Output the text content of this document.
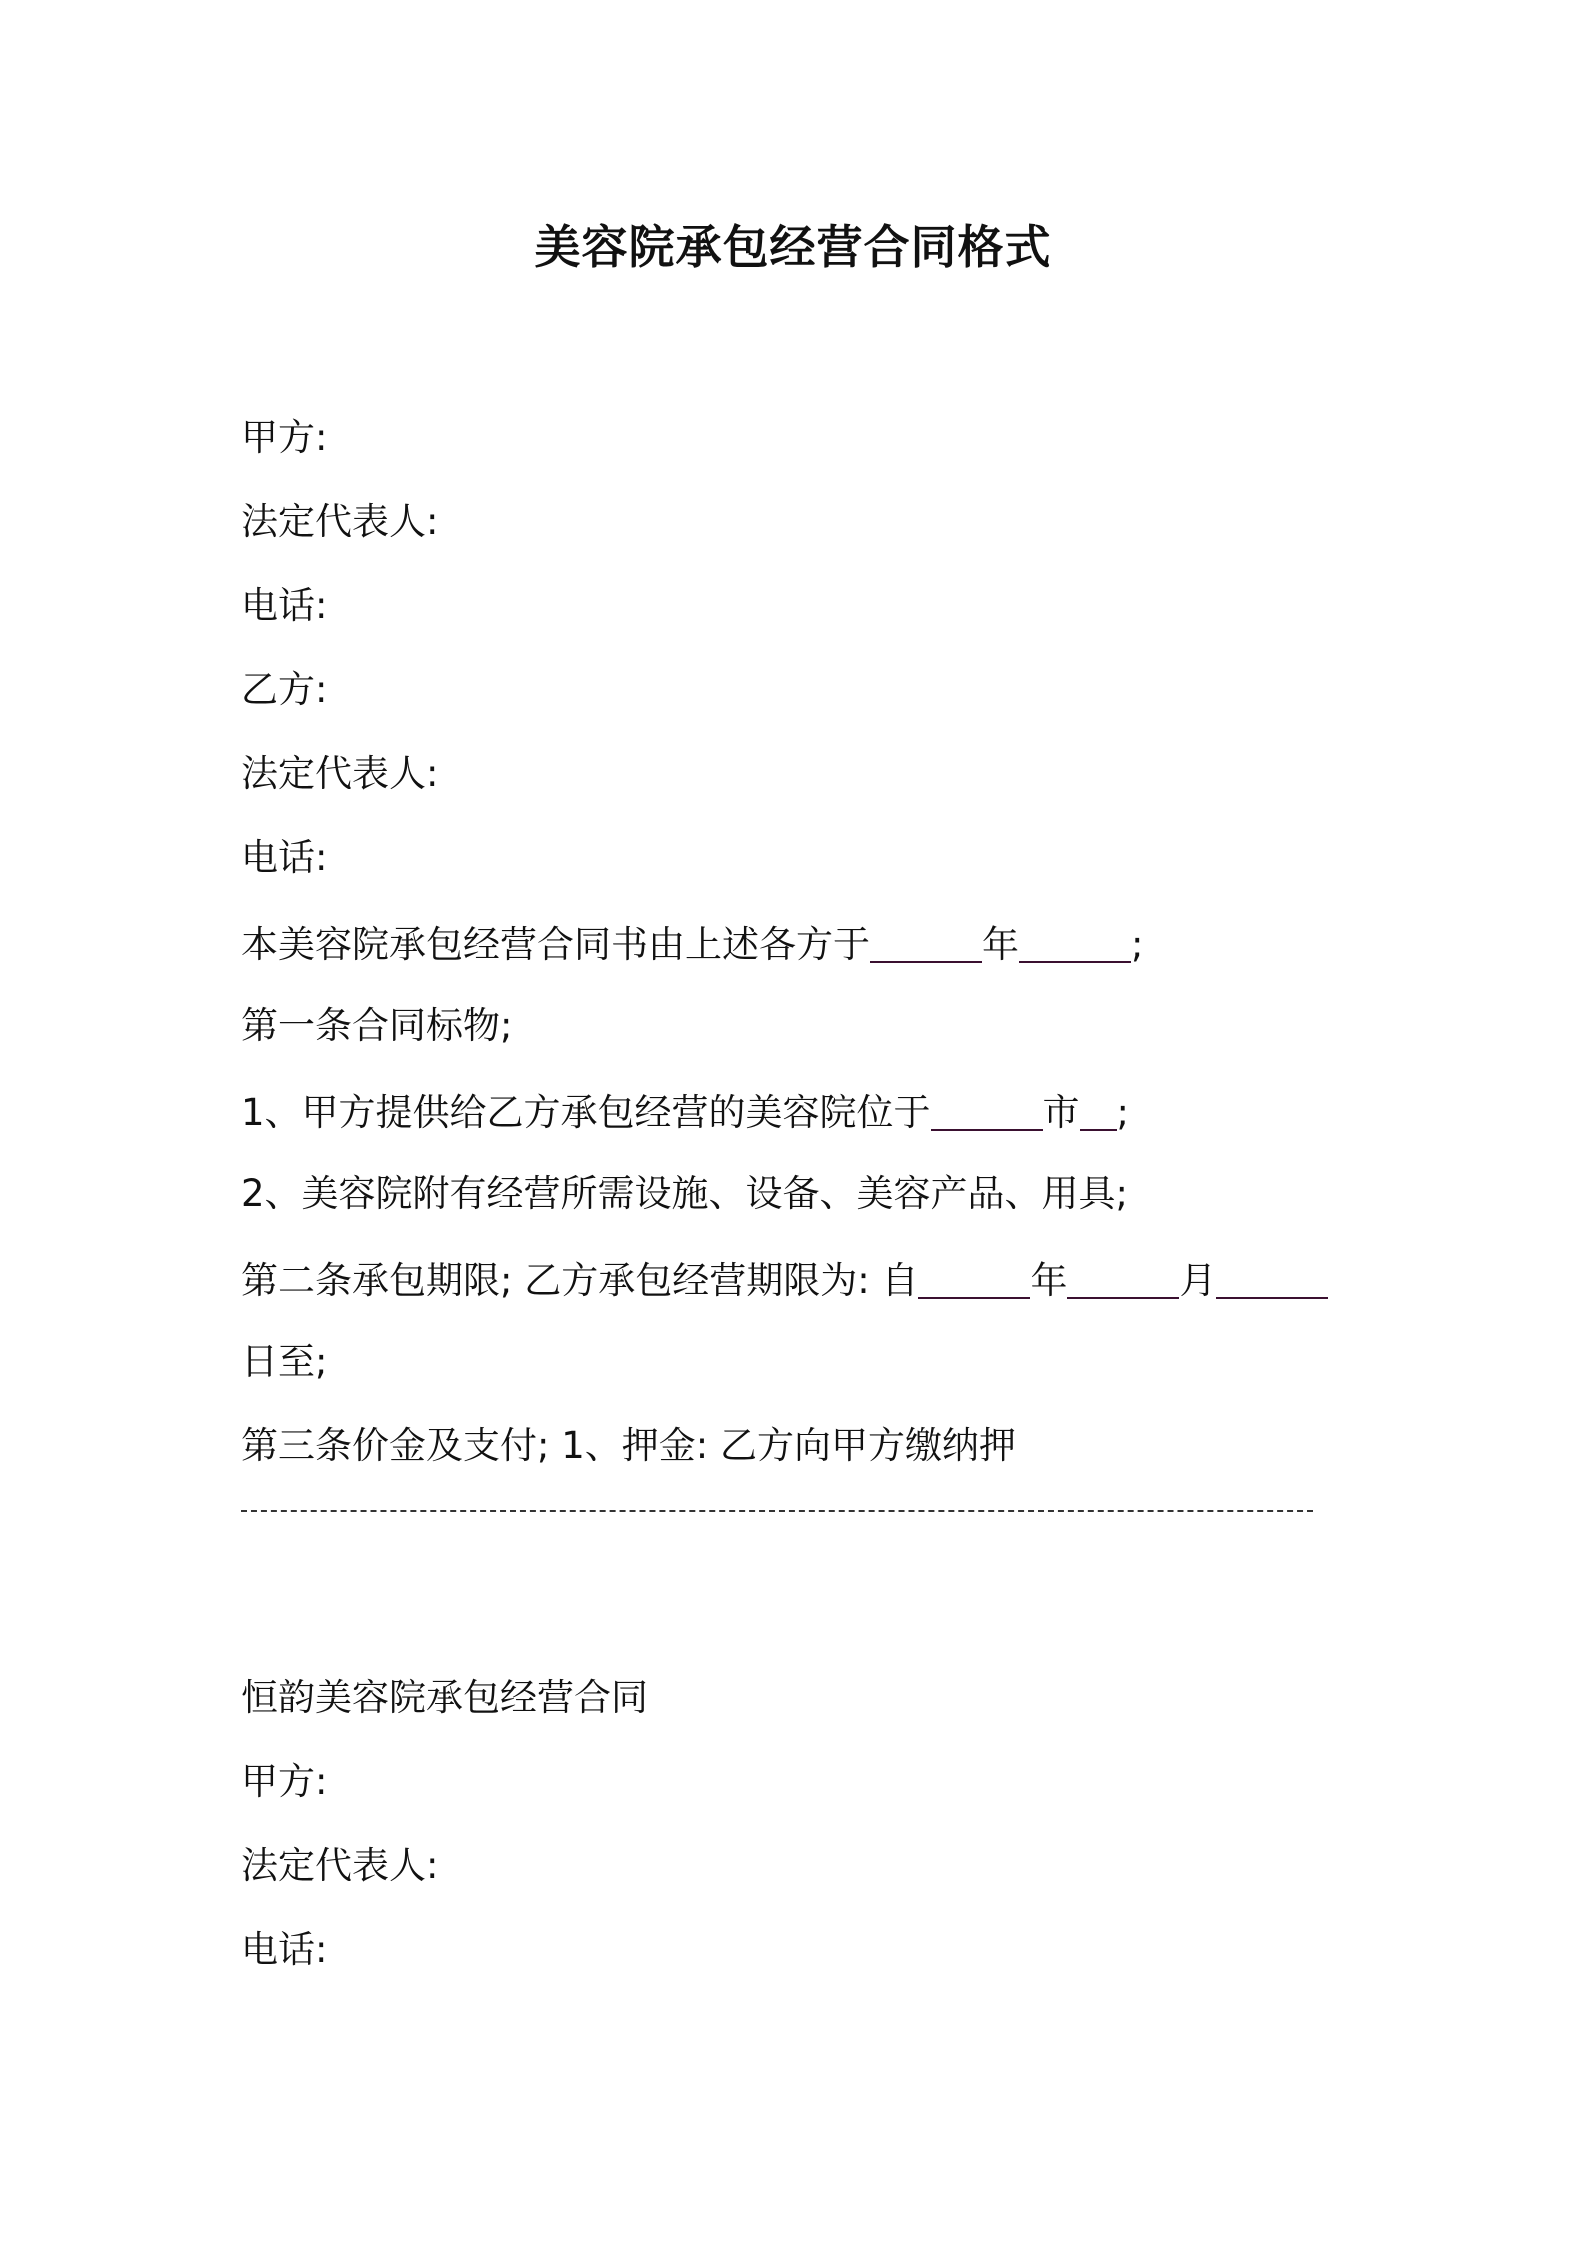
美容院承包经营合同格式
甲方:
法定代表人:
电话:
乙方:
法定代表人:
电话:
本美容院承包经营合同书由上述各方于	年	;
第一条合同标物;
1、甲方提供给乙方承包经营的美容院位于	市 ;
2、美容院附有经营所需设施、设备、美容产品、用具;
第二条承包期限; 乙方承包经营期限为: 自	年	月
日至;
第三条价金及支付; 1、押金: 乙方向甲方缴纳押
恒韵美容院承包经营合同
甲方:
法定代表人:
电话:
